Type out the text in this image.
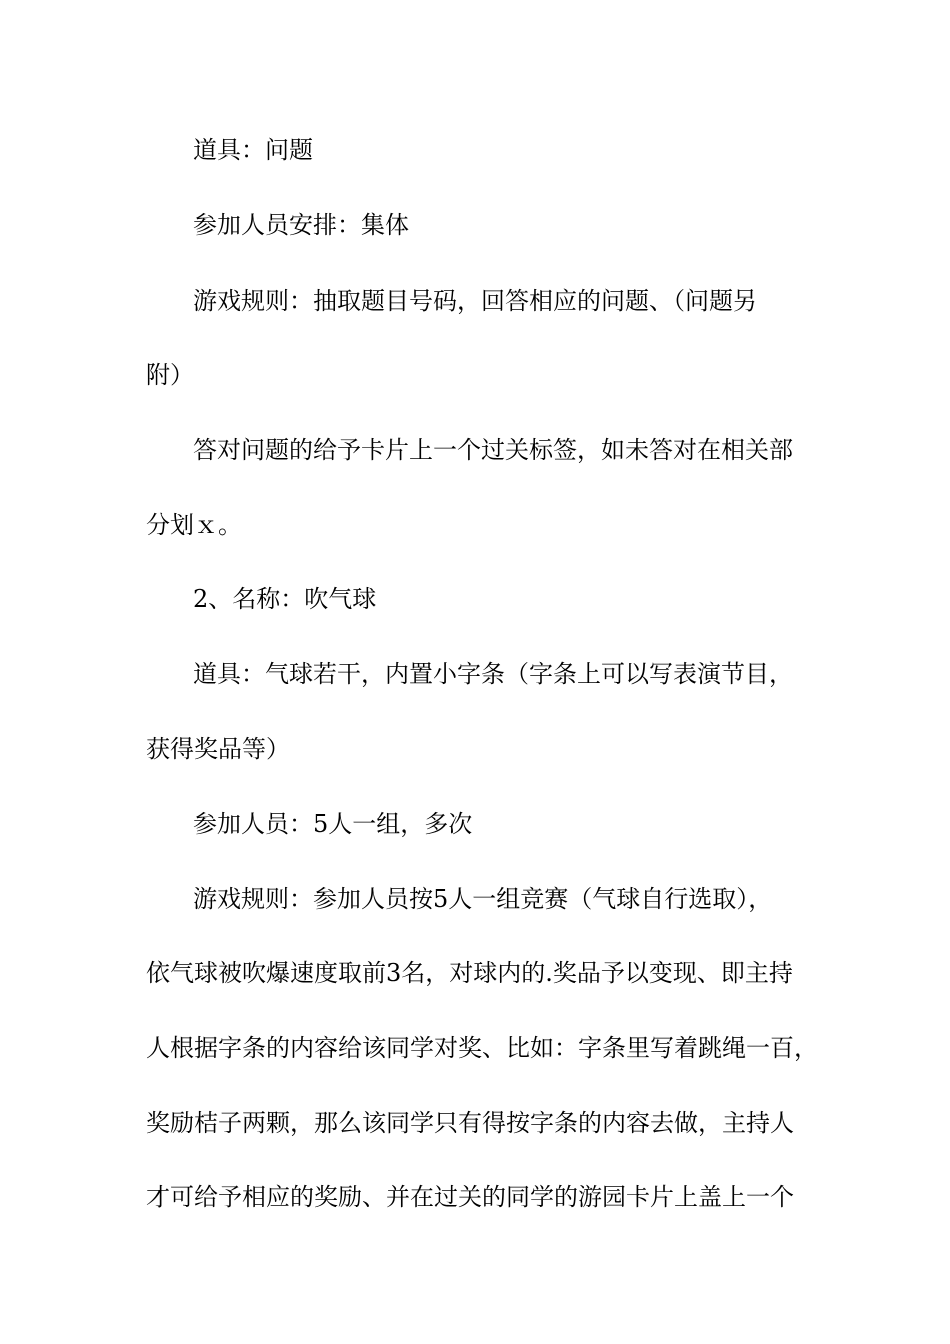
道具：问题
参加人员安排：集体
游戏规则：抽取题目号码，回答相应的问题、（问题另
附）
答对问题的给予卡片上一个过关标签，如未答对在相关部
分划ｘ。
2、名称：吹气球
道具：气球若干，内置小字条（字条上可以写表演节目，
获得奖品等）
参加人员：5人一组，多次
游戏规则：参加人员按5人一组竞赛（气球自行选取），
依气球被吹爆速度取前3名，对球内的.奖品予以变现、即主持
人根据字条的内容给该同学对奖、比如：字条里写着跳绳一百，
奖励桔子两颗，那么该同学只有得按字条的内容去做，主持人
才可给予相应的奖励、并在过关的同学的游园卡片上盖上一个
